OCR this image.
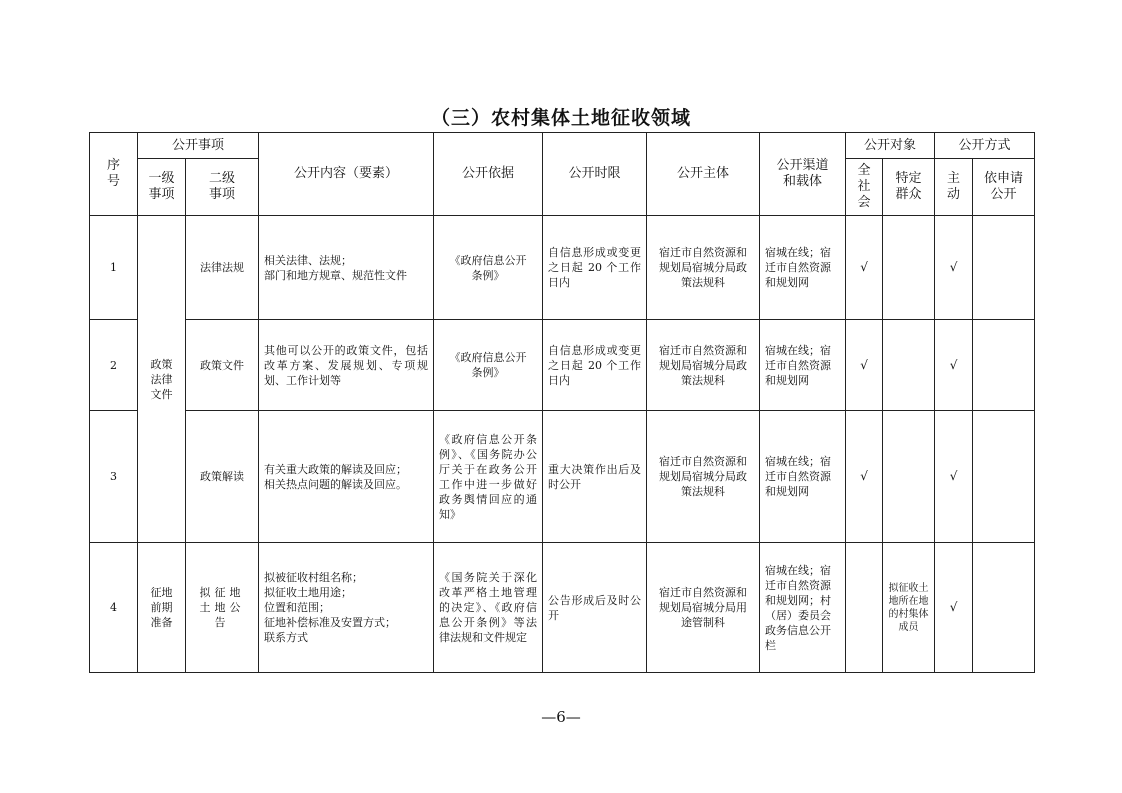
（三）农村集体土地征收领域
序号	公开事项		公开内容（要素）	公开依据	公开时限	公开主体	公开渠道和载体	公开对象		公开方式	
	一级事项	二级事项						全社会	特定群众	主动	依申请公开
1	政策法律文件	法律法规	相关法律、法规；
部门和地方规章、规范性文件	《政府信息公开条例》	自信息形成或变更之日起 20 个工作日内	宿迁市自然资源和规划局宿城分局政策法规科	宿城在线；宿迁市自然资源和规划网	√		√	
2		政策文件	其他可以公开的政策文件，包括改革方案、发展规划、专项规划、工作计划等	《政府信息公开条例》	自信息形成或变更之日起 20 个工作日内	宿迁市自然资源和规划局宿城分局政策法规科	宿城在线；宿迁市自然资源和规划网	√		√	
3		政策解读	有关重大政策的解读及回应；
相关热点问题的解读及回应。	《政府信息公开条例》、《国务院办公厅关于在政务公开工作中进一步做好政务舆情回应的通知》	重大决策作出后及时公开	宿迁市自然资源和规划局宿城分局政策法规科	宿城在线；宿迁市自然资源和规划网	√		√	
4	征地前期准备	拟征地土地公告	拟被征收村组名称；
拟征收土地用途；
位置和范围；
征地补偿标准及安置方式；
联系方式	《国务院关于深化改革严格土地管理的决定》、《政府信息公开条例》等法律法规和文件规定	公告形成后及时公开	宿迁市自然资源和规划局宿城分局用途管制科	宿城在线；宿迁市自然资源和规划网；村（居）委员会政务信息公开栏		拟征收土地所在地的村集体成员	√	
—6—
